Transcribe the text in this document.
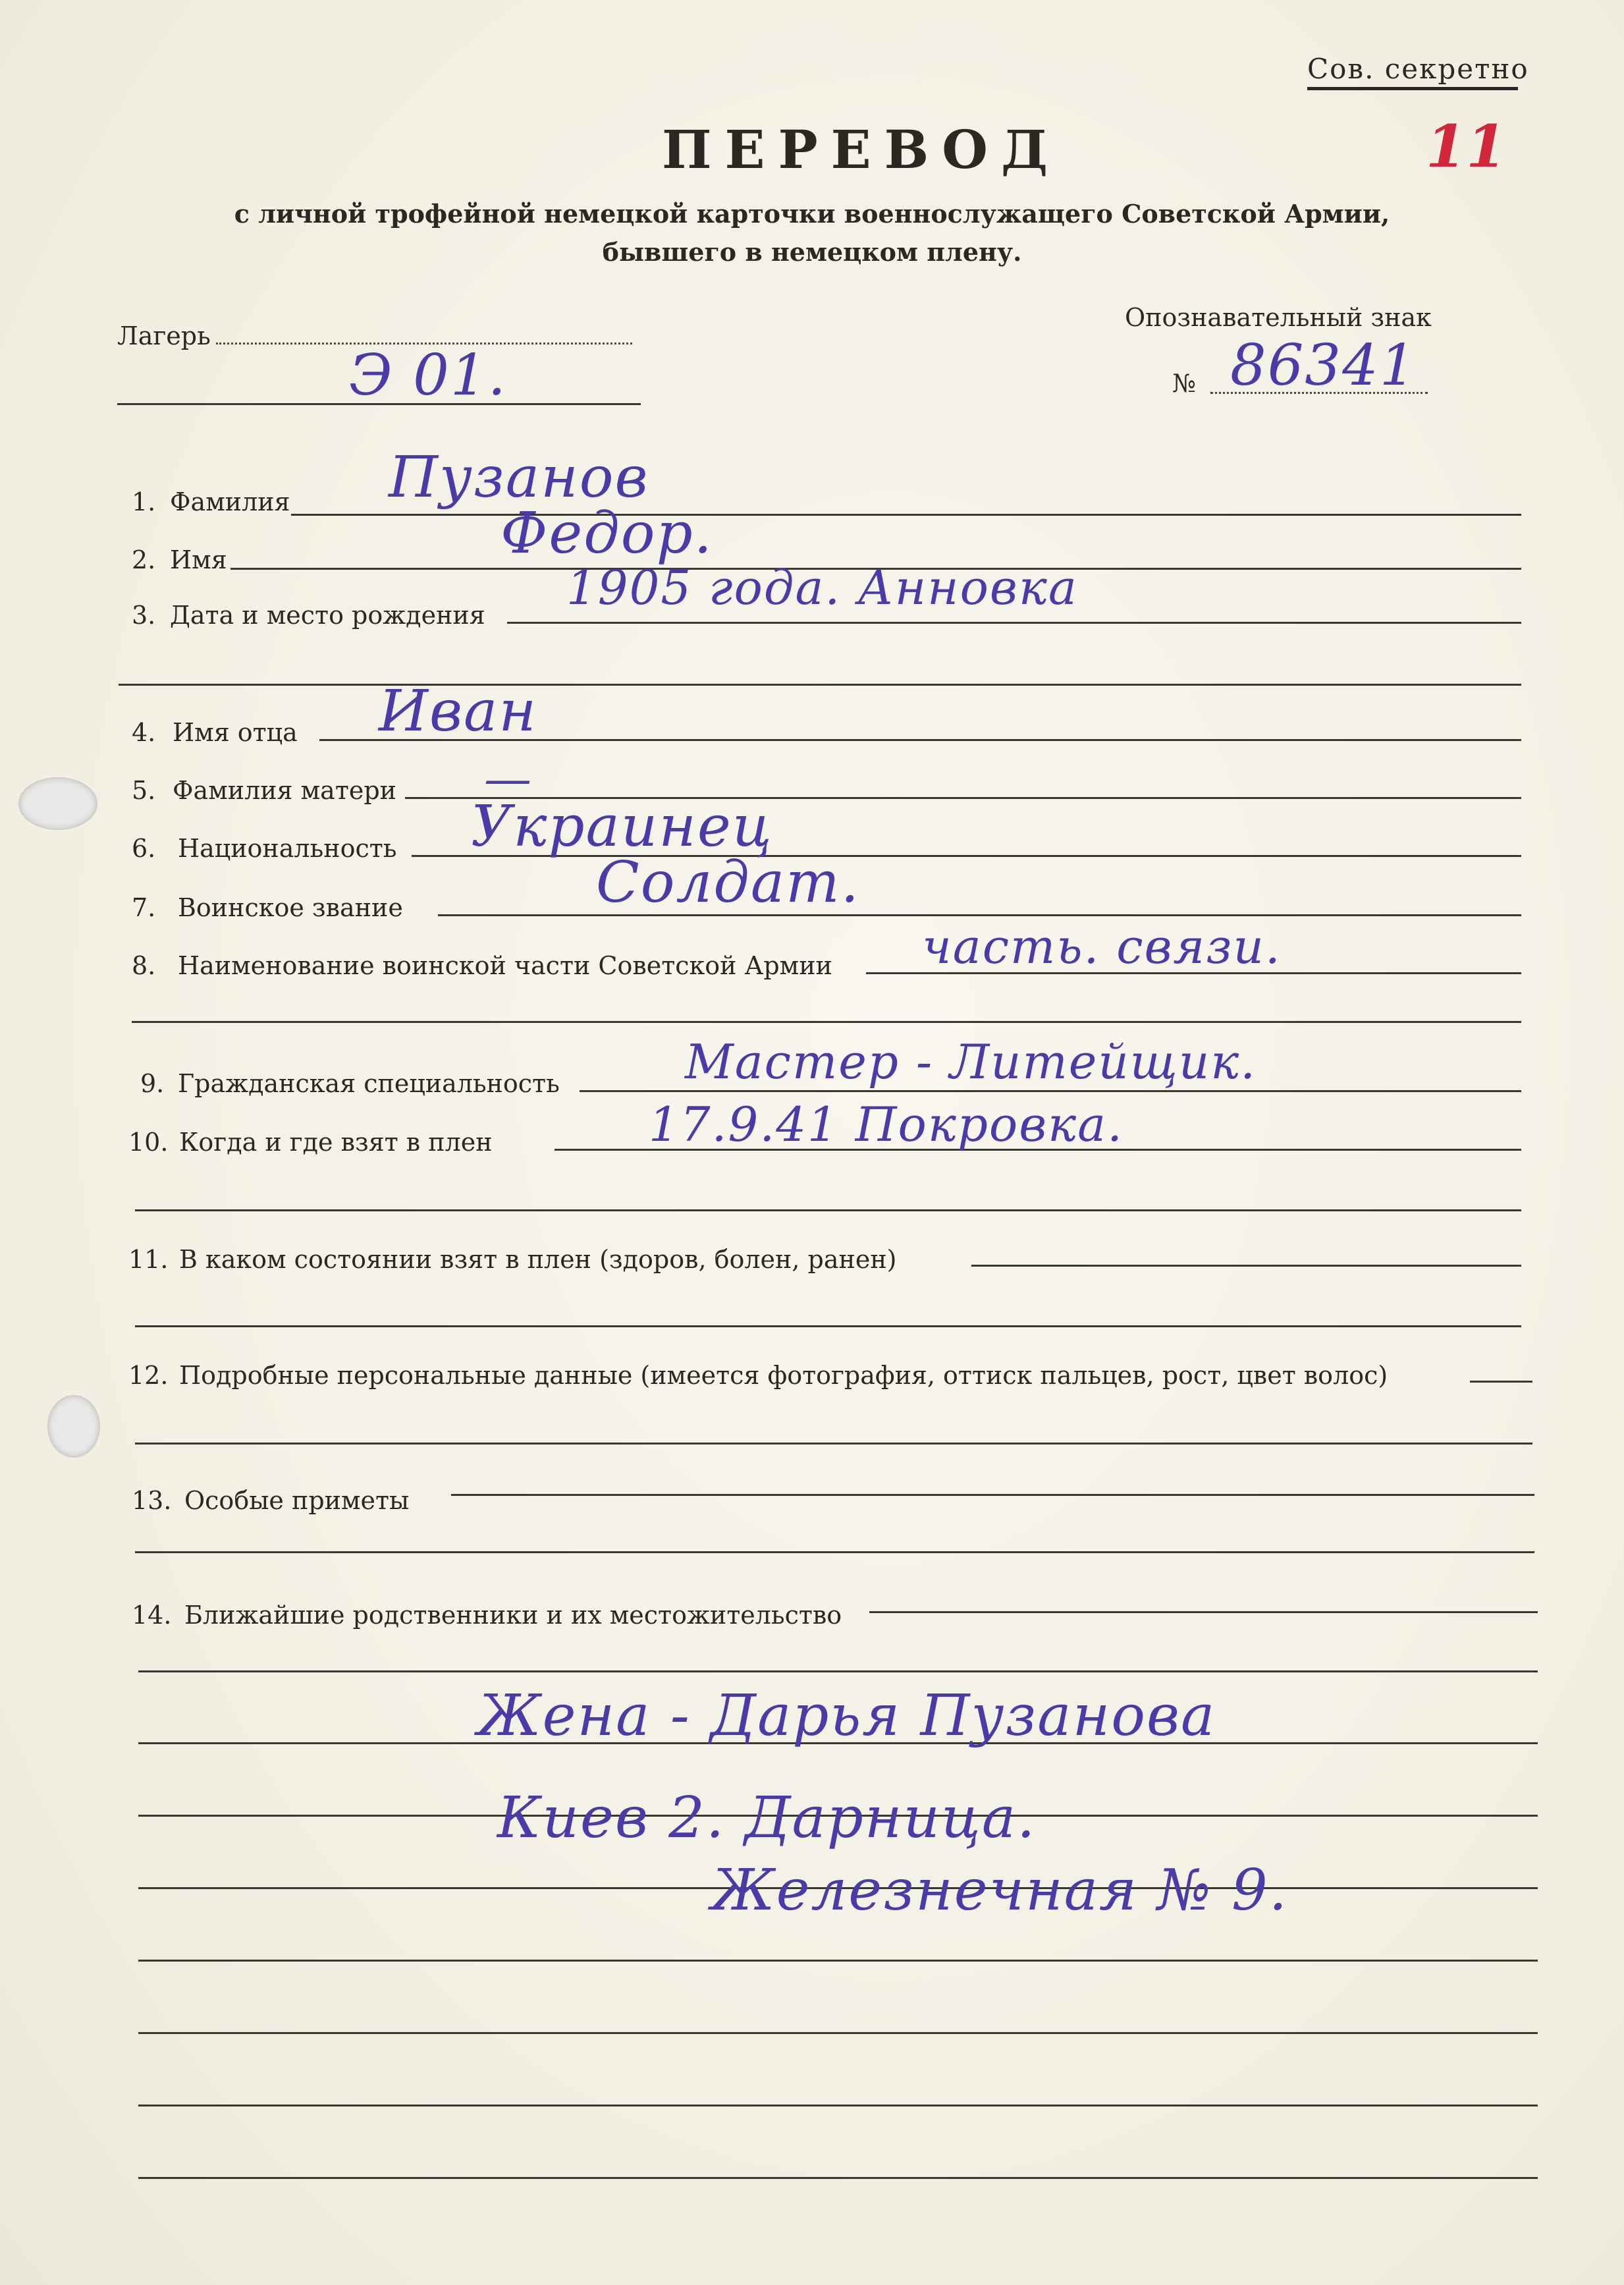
Сов. секретно
11
ПЕРЕВОД
с личной трофейной немецкой карточки военнослужащего Советской Армии,
бывшего в немецком плену.
Лагерь
Э 01.
Опознавательный знак
№ 86341
1. Фамилия Пузанов
2. Имя	Федор.
3. Дата и место рождения 1905 года. Анновка
4. Имя отца Иван
5. Фамилия матери —
6. Национальность Украинец
7. Воинское звание	Солдат.
8. Наименование воинской части Советской Армии часть. связи.
9. Гражданская специальность	Мастер - Литейщик.
10. Когда и где взят в плен	17.9.41 Покровка.
11. В каком состоянии взят в плен (здоров, болен, ранен)
12. Подробные персональные данные (имеется фотография, оттиск пальцев, рост, цвет волос)
13. Особые приметы
14. Ближайшие родственники и их местожительство
Жена - Дарья Пузанова
Киев 2. Дарница.
Железнечная № 9.
